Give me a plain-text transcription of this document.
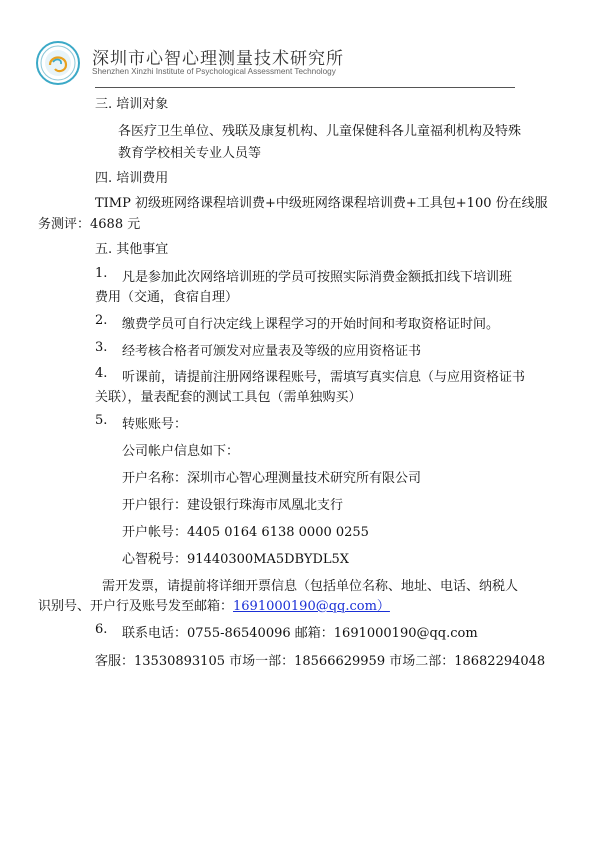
深圳市心智心理测量技术研究所
Shenzhen Xinzhi Institute of Psychological Assessment Technology
三. 培训对象
各医疗卫生单位、残联及康复机构、儿童保健科各儿童福利机构及特殊
教育学校相关专业人员等
四. 培训费用
TIMP 初级班网络课程培训费+中级班网络课程培训费+工具包+100 份在线服
务测评：4688 元
五. 其他事宜
1. 凡是参加此次网络培训班的学员可按照实际消费金额抵扣线下培训班
费用（交通，食宿自理）
2. 缴费学员可自行决定线上课程学习的开始时间和考取资格证时间。
3. 经考核合格者可颁发对应量表及等级的应用资格证书
4. 听课前，请提前注册网络课程账号，需填写真实信息（与应用资格证书
关联），量表配套的测试工具包（需单独购买）
5. 转账账号：
公司帐户信息如下：
开户名称：深圳市心智心理测量技术研究所有限公司
开户银行：建设银行珠海市凤凰北支行
开户帐号：4405 0164 6138 0000 0255
心智税号：91440300MA5DBYDL5X
需开发票，请提前将详细开票信息（包括单位名称、地址、电话、纳税人
识别号、开户行及账号发至邮箱：1691000190@qq.com）
6. 联系电话：0755-86540096 邮箱：1691000190@qq.com
客服：13530893105 市场一部：18566629959 市场二部：18682294048
